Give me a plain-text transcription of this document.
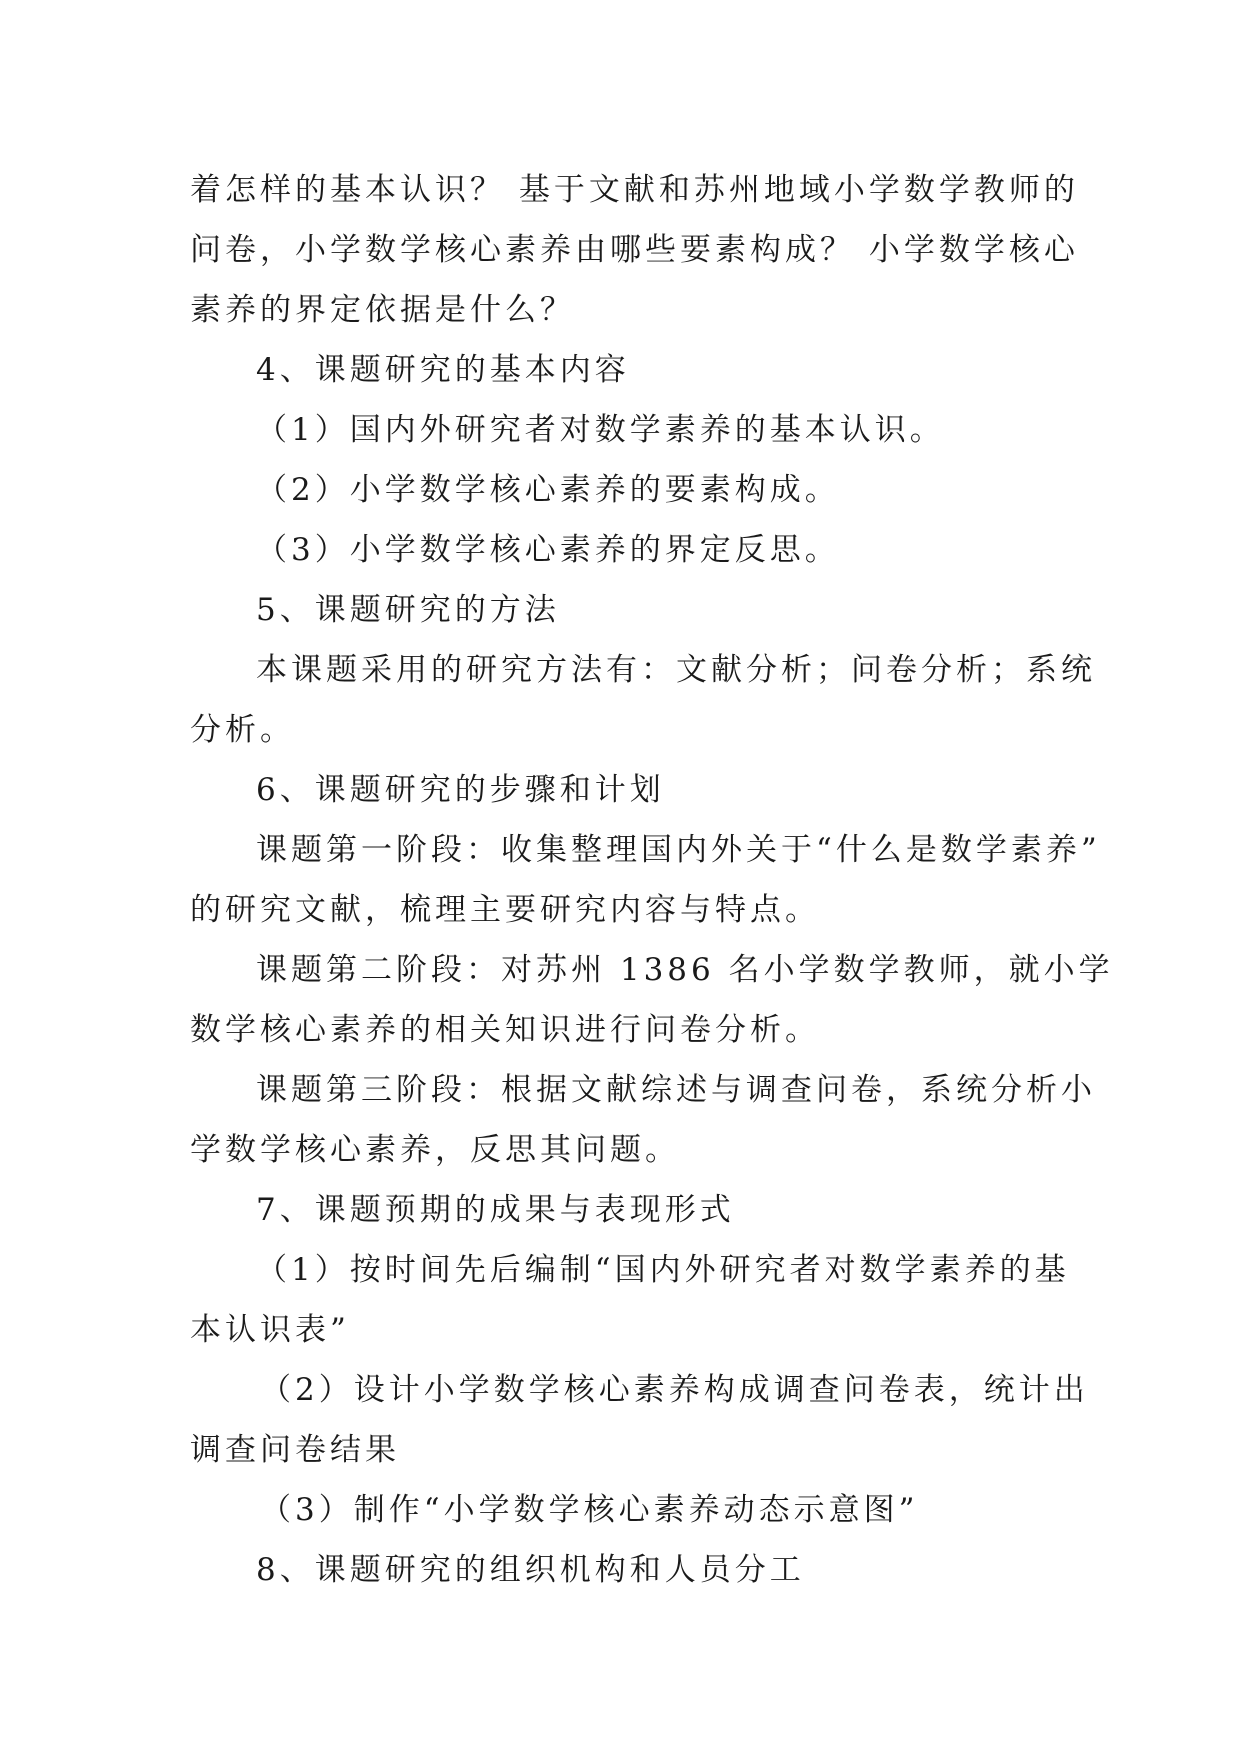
着怎样的基本认识？ 基于文献和苏州地域小学数学教师的
问卷，小学数学核心素养由哪些要素构成？ 小学数学核心
素养的界定依据是什么？
4、课题研究的基本内容
（1）国内外研究者对数学素养的基本认识。
（2）小学数学核心素养的要素构成。
（3）小学数学核心素养的界定反思。
5、课题研究的方法
本课题采用的研究方法有：文献分析；问卷分析；系统
分析。
6、课题研究的步骤和计划
课题第一阶段：收集整理国内外关于“什么是数学素养”
的研究文献，梳理主要研究内容与特点。
课题第二阶段：对苏州 1386 名小学数学教师，就小学
数学核心素养的相关知识进行问卷分析。
课题第三阶段：根据文献综述与调查问卷，系统分析小
学数学核心素养，反思其问题。
7、课题预期的成果与表现形式
（1）按时间先后编制“国内外研究者对数学素养的基
本认识表”
（2）设计小学数学核心素养构成调查问卷表，统计出
调查问卷结果
（3）制作“小学数学核心素养动态示意图”
8、课题研究的组织机构和人员分工
